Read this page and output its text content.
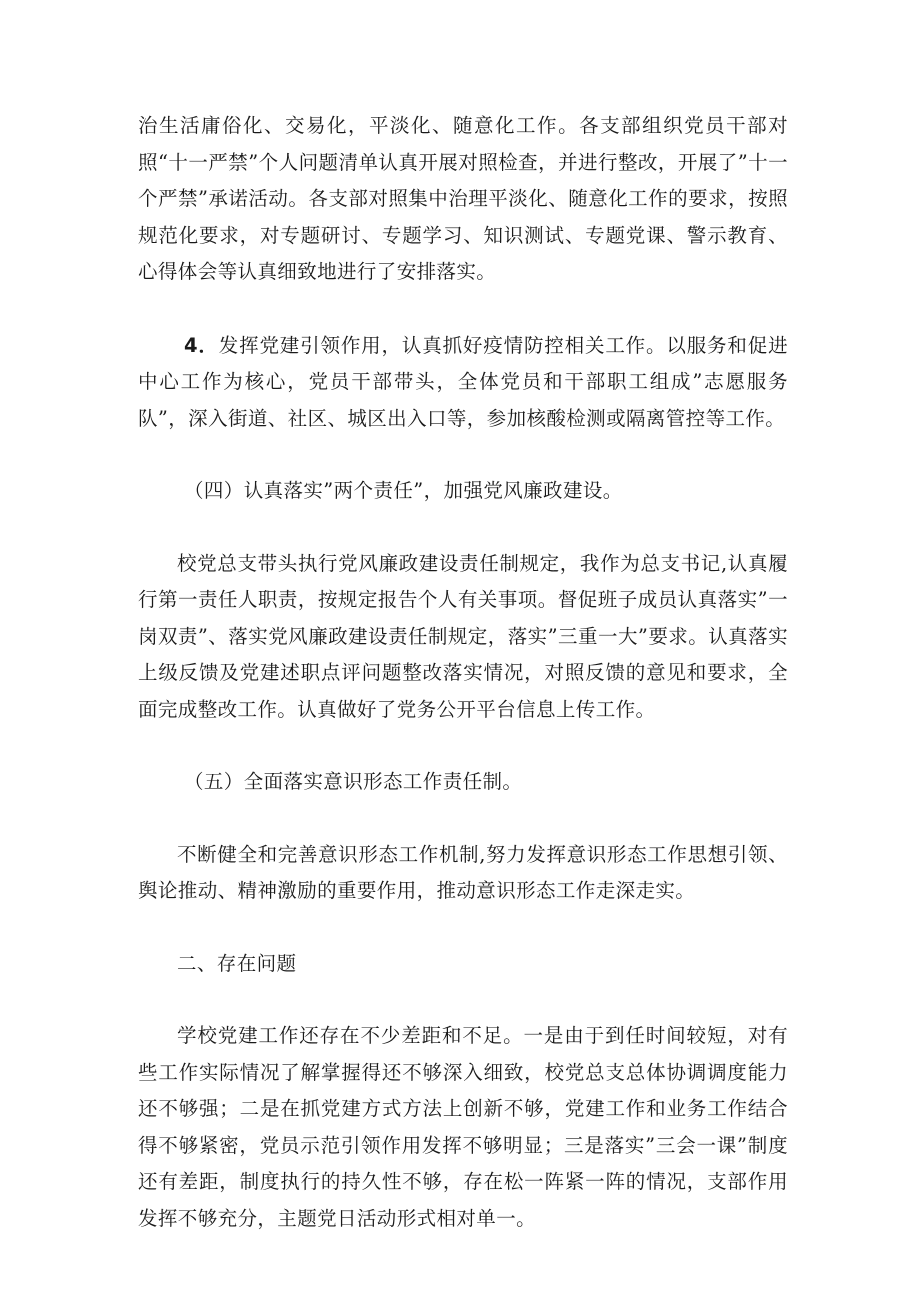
治生活庸俗化、交易化，平淡化、随意化工作。各支部组织党员干部对照“十一严禁”个人问题清单认真开展对照检查，并进行整改，开展了”十一个严禁”承诺活动。各支部对照集中治理平淡化、随意化工作的要求，按照规范化要求，对专题研讨、专题学习、知识测试、专题党课、警示教育、心得体会等认真细致地进行了安排落实。

4．发挥党建引领作用，认真抓好疫情防控相关工作。以服务和促进中心工作为核心，党员干部带头，全体党员和干部职工组成”志愿服务队”，深入街道、社区、城区出入口等，参加核酸检测或隔离管控等工作。

（四）认真落实”两个责任”，加强党风廉政建设。

校党总支带头执行党风廉政建设责任制规定，我作为总支书记,认真履行第一责任人职责，按规定报告个人有关事项。督促班子成员认真落实”一岗双责”、落实党风廉政建设责任制规定，落实”三重一大”要求。认真落实上级反馈及党建述职点评问题整改落实情况，对照反馈的意见和要求，全面完成整改工作。认真做好了党务公开平台信息上传工作。

（五）全面落实意识形态工作责任制。

不断健全和完善意识形态工作机制,努力发挥意识形态工作思想引领、舆论推动、精神激励的重要作用，推动意识形态工作走深走实。

二、存在问题

学校党建工作还存在不少差距和不足。一是由于到任时间较短，对有些工作实际情况了解掌握得还不够深入细致，校党总支总体协调调度能力还不够强；二是在抓党建方式方法上创新不够，党建工作和业务工作结合得不够紧密，党员示范引领作用发挥不够明显；三是落实”三会一课”制度还有差距，制度执行的持久性不够，存在松一阵紧一阵的情况，支部作用发挥不够充分，主题党日活动形式相对单一。
